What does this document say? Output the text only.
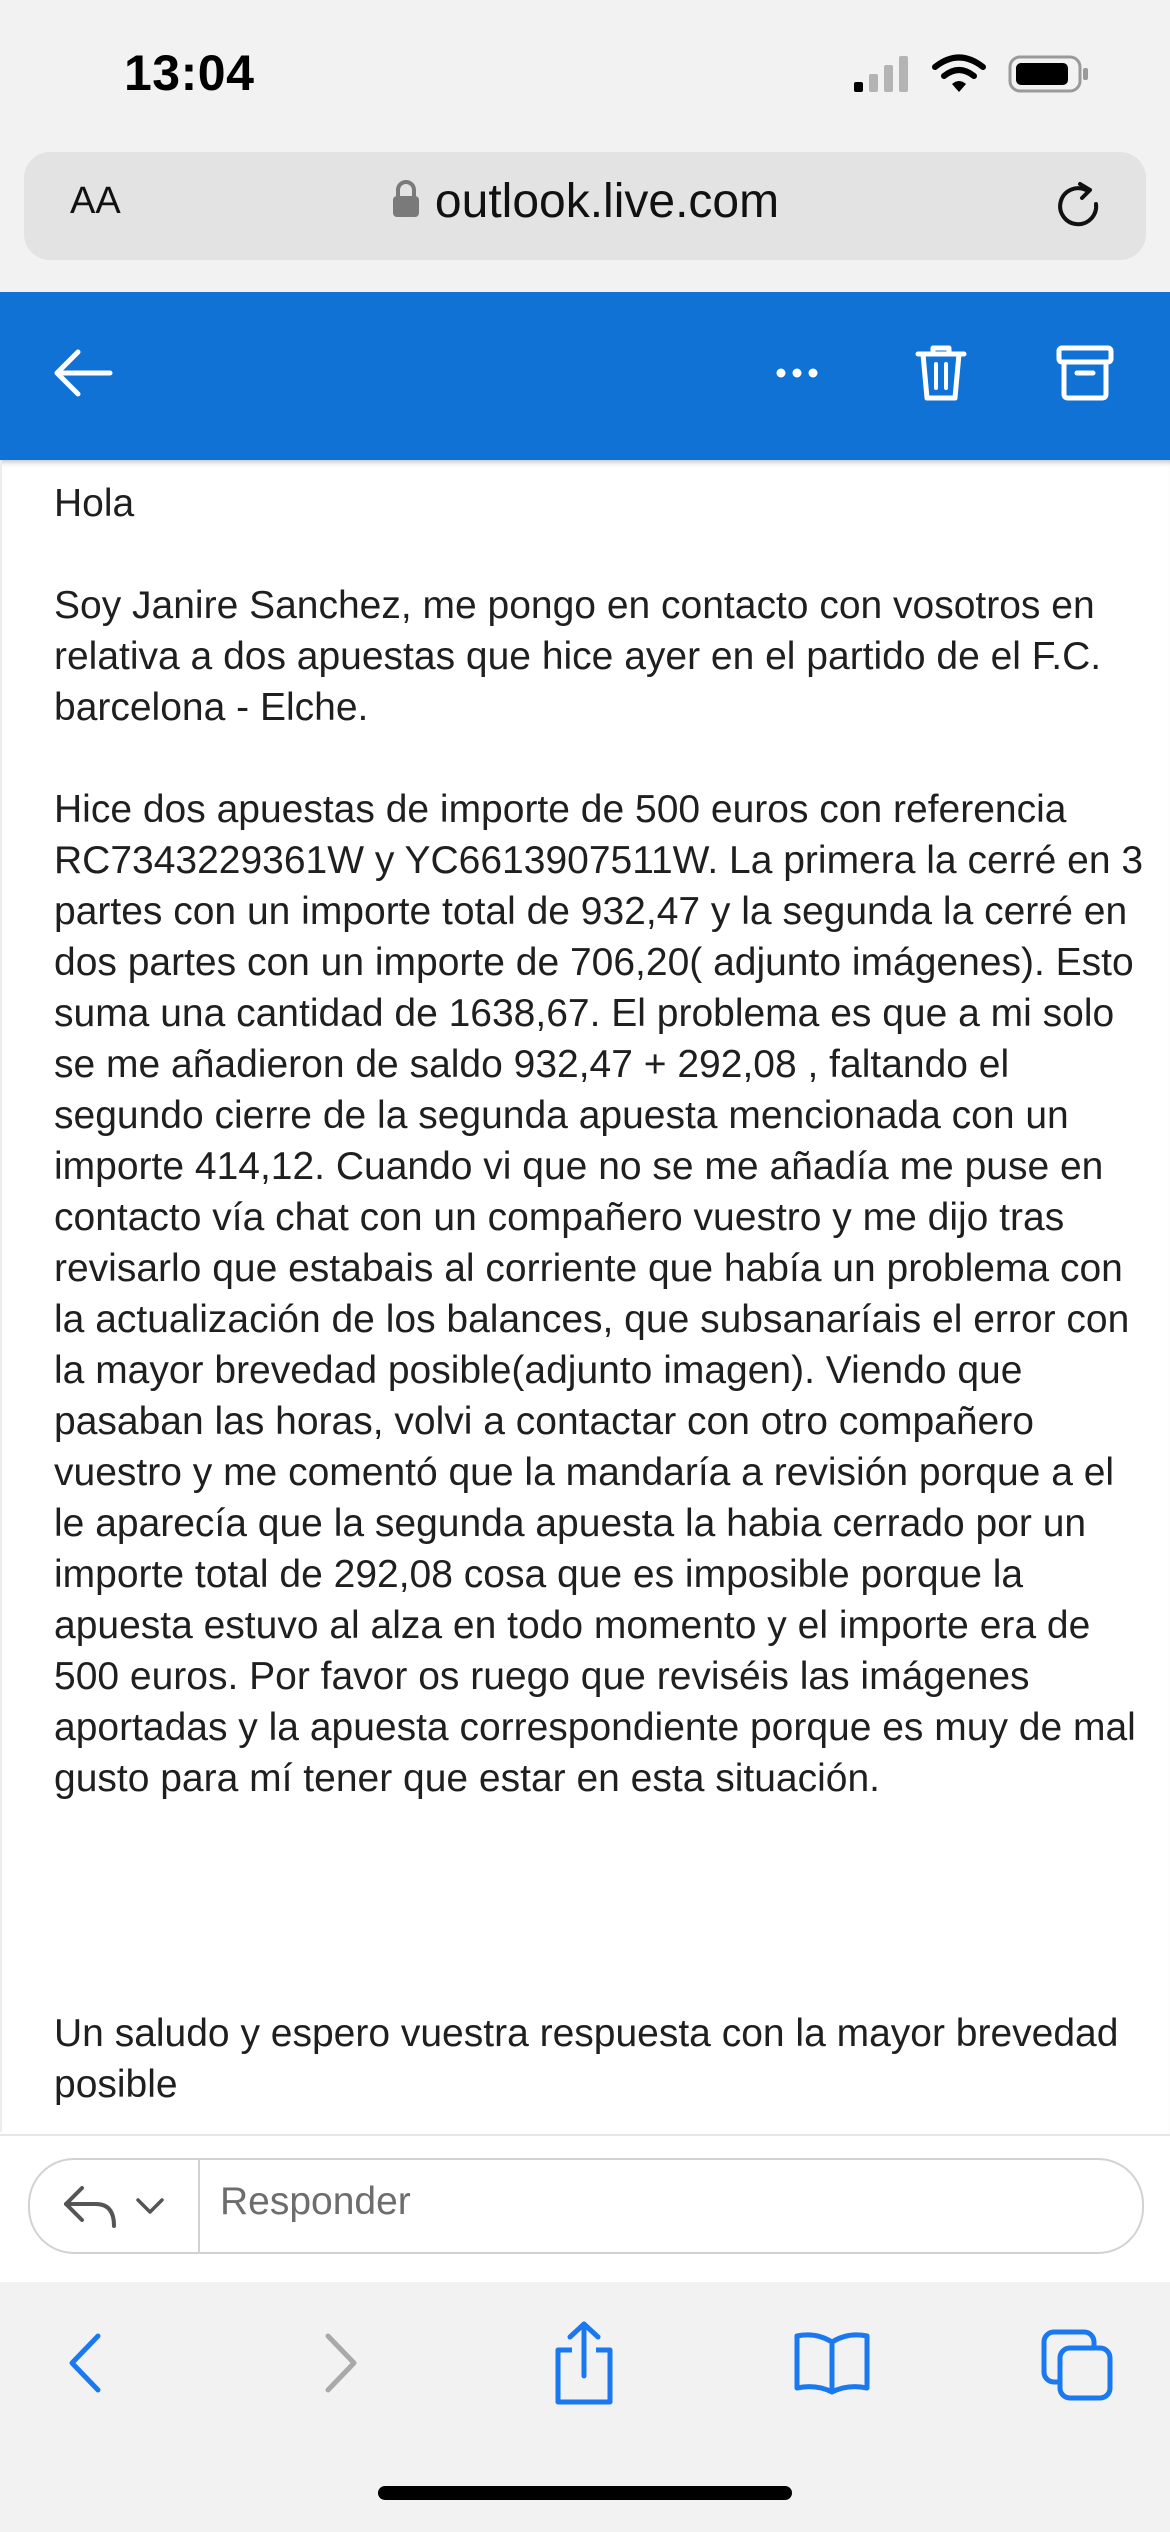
13:04
AA	outlook.live.com

Hola

Soy Janire Sanchez, me pongo en contacto con vosotros en relativa a dos apuestas que hice ayer en el partido de el F.C. barcelona - Elche.

Hice dos apuestas de importe de 500 euros con referencia RC7343229361W y YC6613907511W. La primera la cerré en 3 partes con un importe total de 932,47 y la segunda la cerré en dos partes con un importe de 706,20( adjunto imágenes). Esto suma una cantidad de 1638,67. El problema es que a mi solo se me añadieron de saldo 932,47 + 292,08 , faltando el segundo cierre de la segunda apuesta mencionada con un importe 414,12. Cuando vi que no se me añadía me puse en contacto vía chat con un compañero vuestro y me dijo tras revisarlo que estabais al corriente que había un problema con la actualización de los balances, que subsanaríais el error con la mayor brevedad posible(adjunto imagen). Viendo que pasaban las horas, volvi a contactar con otro compañero vuestro y me comentó que la mandaría a revisión porque a el le aparecía que la segunda apuesta la habia cerrado por un importe total de 292,08 cosa que es imposible porque la apuesta estuvo al alza en todo momento y el importe era de 500 euros. Por favor os ruego que reviséis las imágenes aportadas y la apuesta correspondiente porque es muy de mal gusto para mí tener que estar en esta situación.

Un saludo y espero vuestra respuesta con la mayor brevedad posible

Responder
